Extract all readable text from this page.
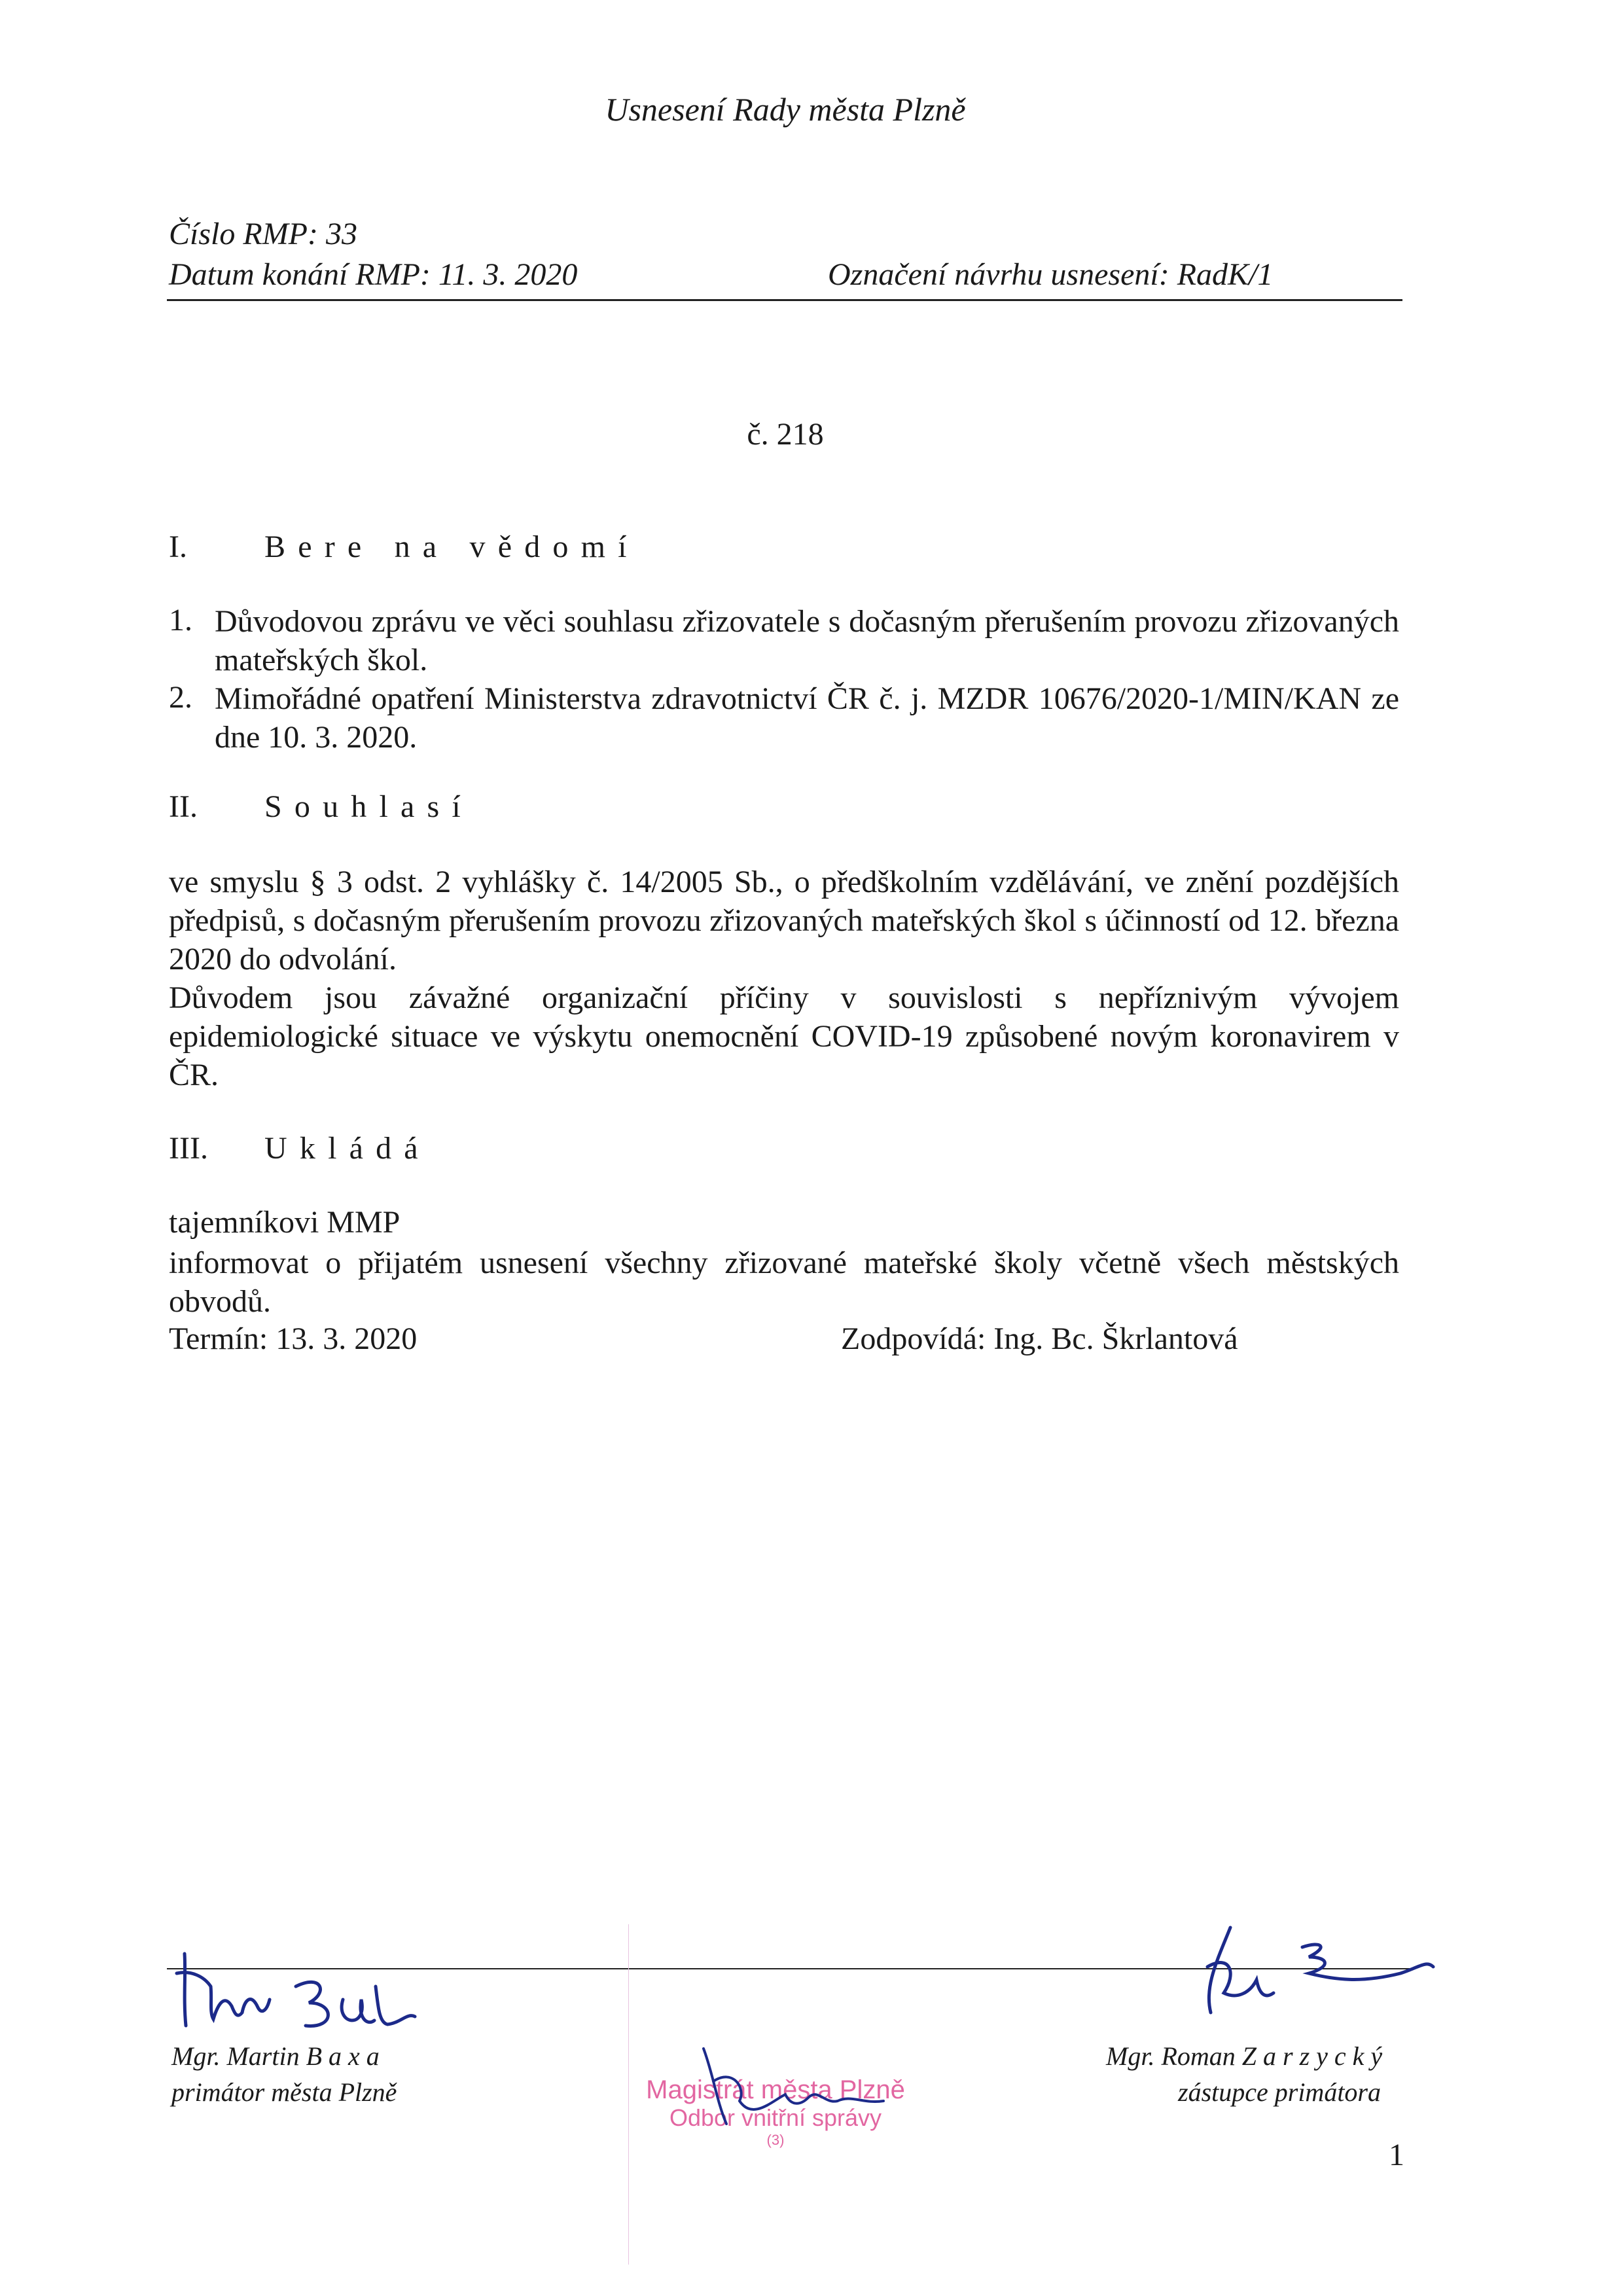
Usnesení Rady města Plzně
Číslo RMP: 33
Datum konání RMP: 11. 3. 2020	Označení návrhu usnesení: RadK/1
č. 218
I. Bere na vědomí
1. Důvodovou zprávu ve věci souhlasu zřizovatele s dočasným přerušením provozu zřizovaných mateřských škol.
2. Mimořádné opatření Ministerstva zdravotnictví ČR č. j. MZDR 10676/2020-1/MIN/KAN ze dne 10. 3. 2020.
II. Souhlasí
ve smyslu § 3 odst. 2 vyhlášky č. 14/2005 Sb., o předškolním vzdělávání, ve znění pozdějších předpisů, s dočasným přerušením provozu zřizovaných mateřských škol s účinností od 12. března 2020 do odvolání.
Důvodem jsou závažné organizační příčiny v souvislosti s nepříznivým vývojem epidemiologické situace ve výskytu onemocnění COVID-19 způsobené novým koronavirem v ČR.
III. Ukládá
tajemníkovi MMP
informovat o přijatém usnesení všechny zřizované mateřské školy včetně všech městských obvodů.
Termín: 13. 3. 2020	Zodpovídá: Ing. Bc. Škrlantová
Mgr. Martin B a x a
primátor města Plzně
Mgr. Roman Z a r z y c k ý
zástupce primátora
Magistrát města Plzně
Odbor vnitřní správy
(3)	1
